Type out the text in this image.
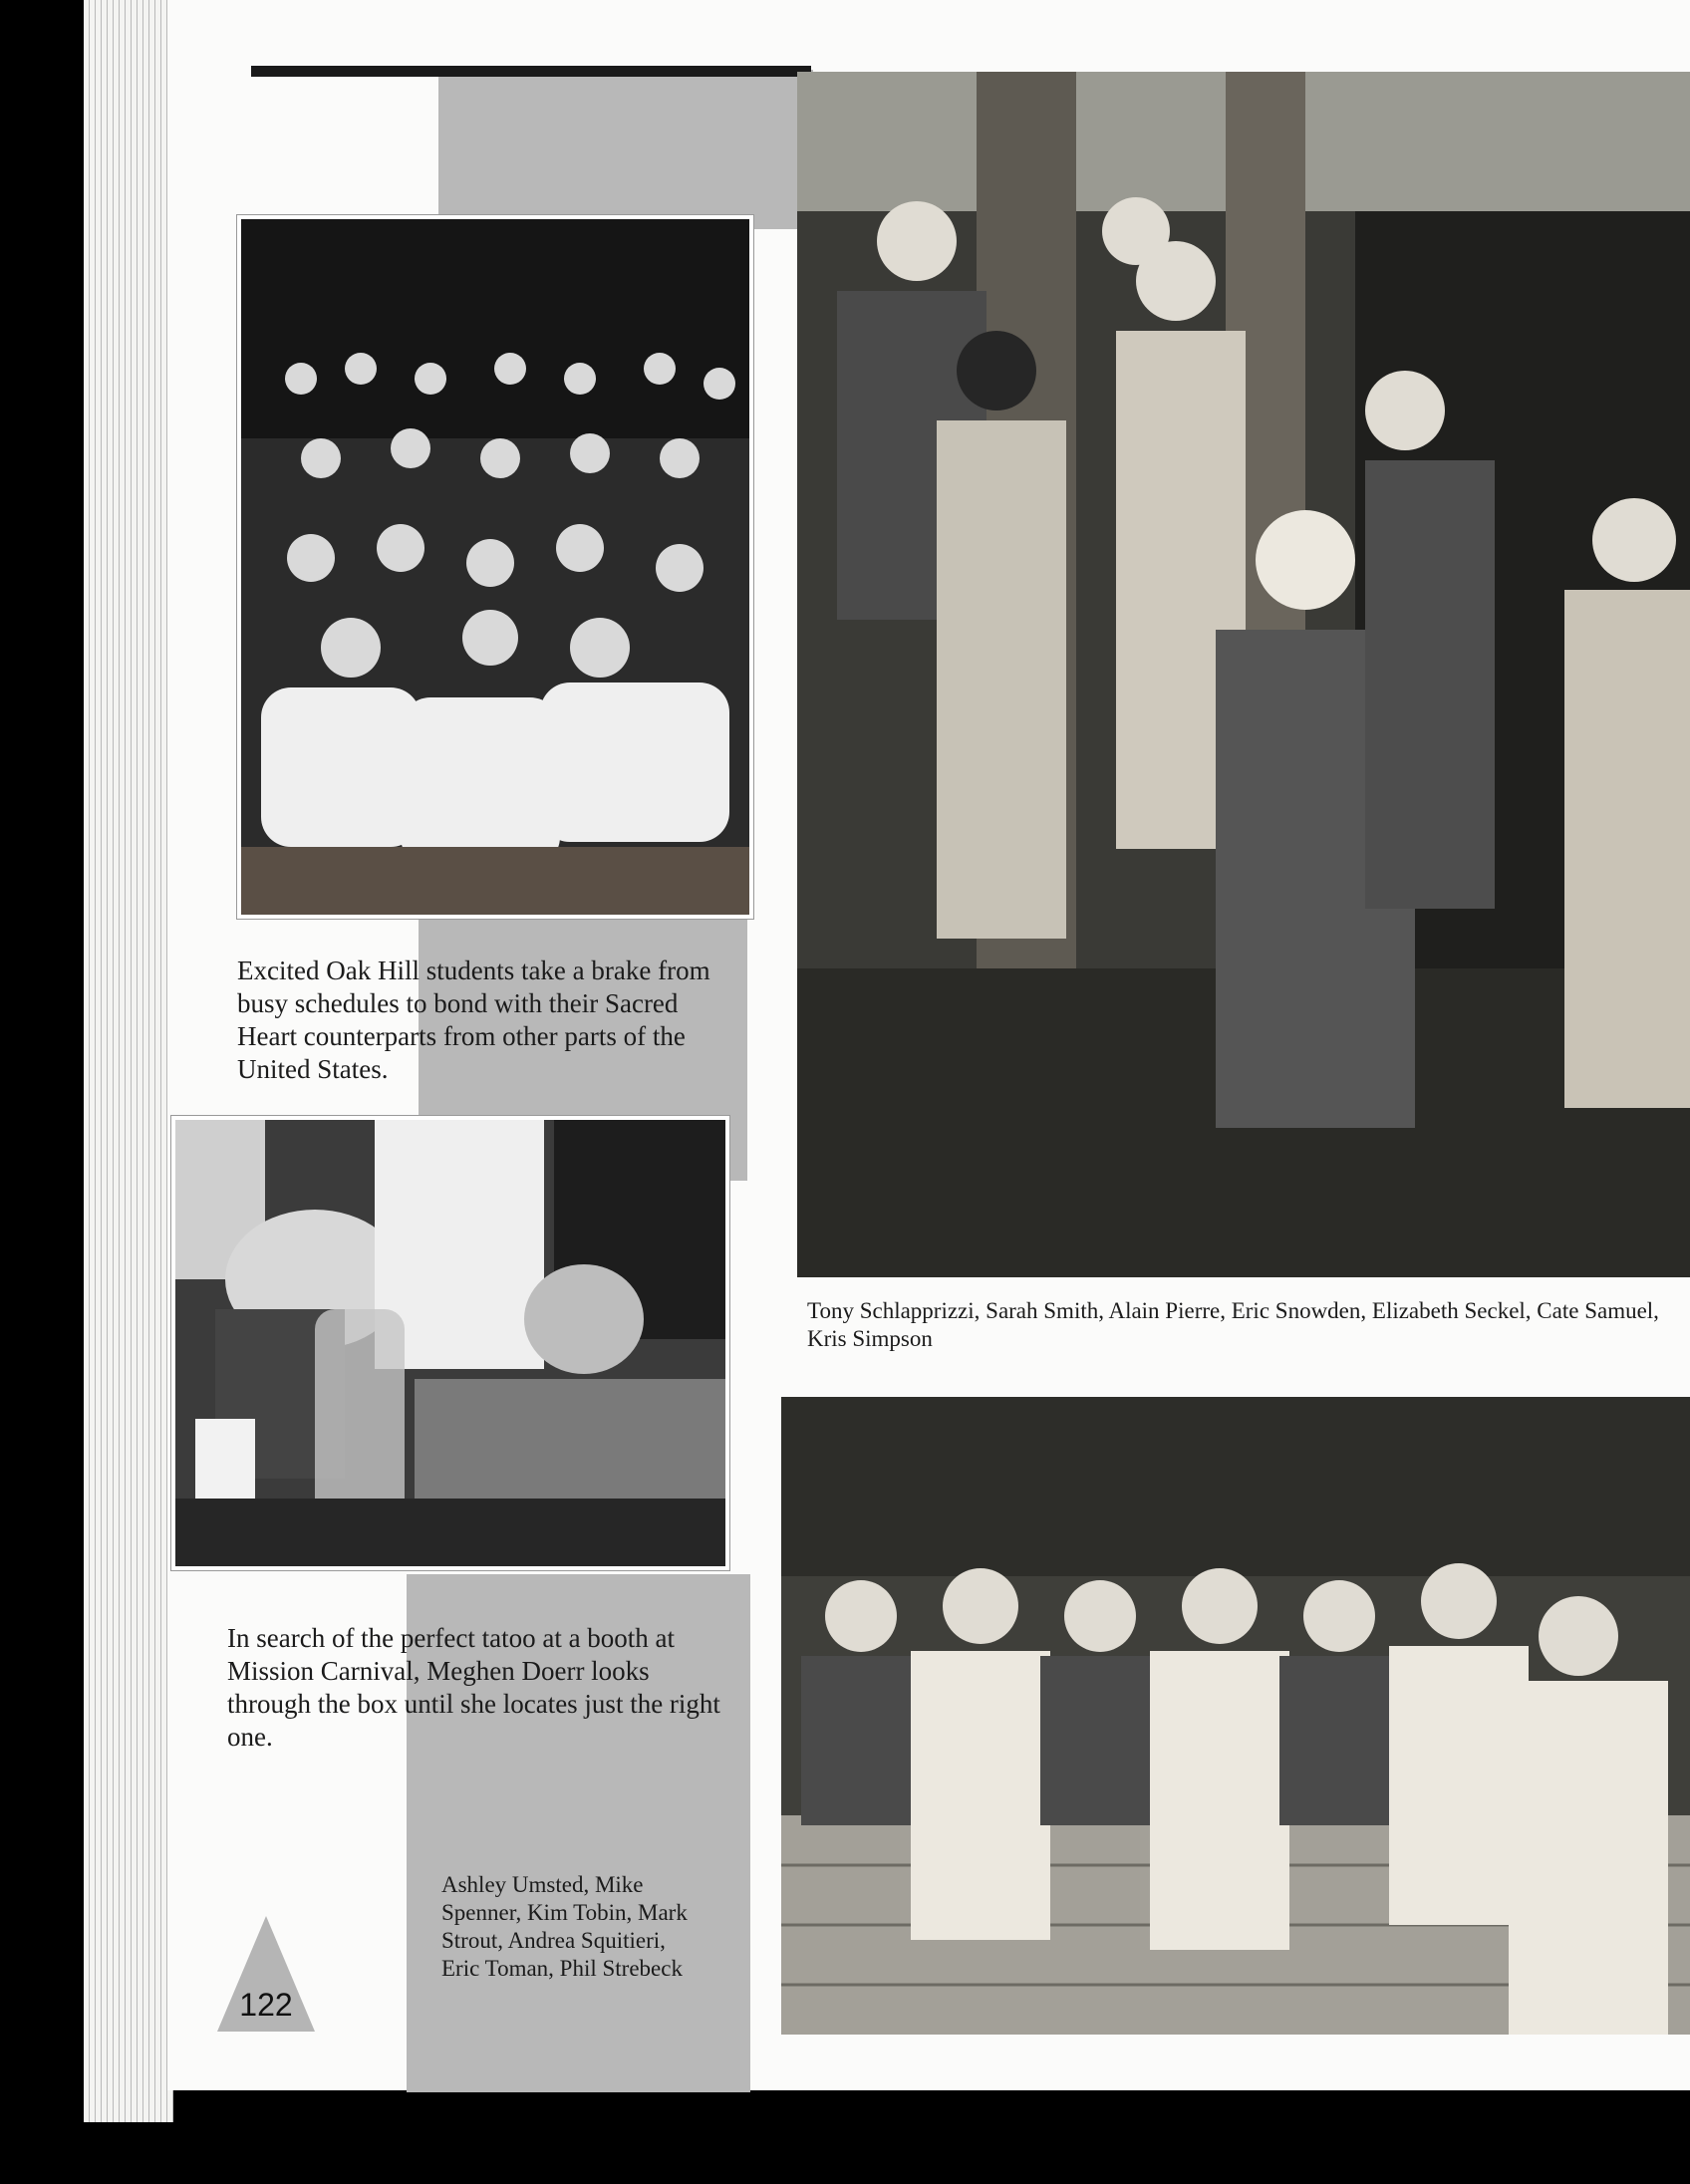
Excited Oak Hill students take a brake from busy schedules to bond with their Sacred Heart counterparts from other parts of the United States.
In search of the perfect tatoo at a booth at Mission Carnival, Meghen Doerr looks through the box until she locates just the right one.
Ashley Umsted, Mike Spenner, Kim Tobin, Mark Strout, Andrea Squitieri, Eric Toman, Phil Strebeck
122
Tony Schlapprizzi, Sarah Smith, Alain Pierre, Eric Snowden, Elizabeth Seckel, Cate Samuel, Kris Simpson
